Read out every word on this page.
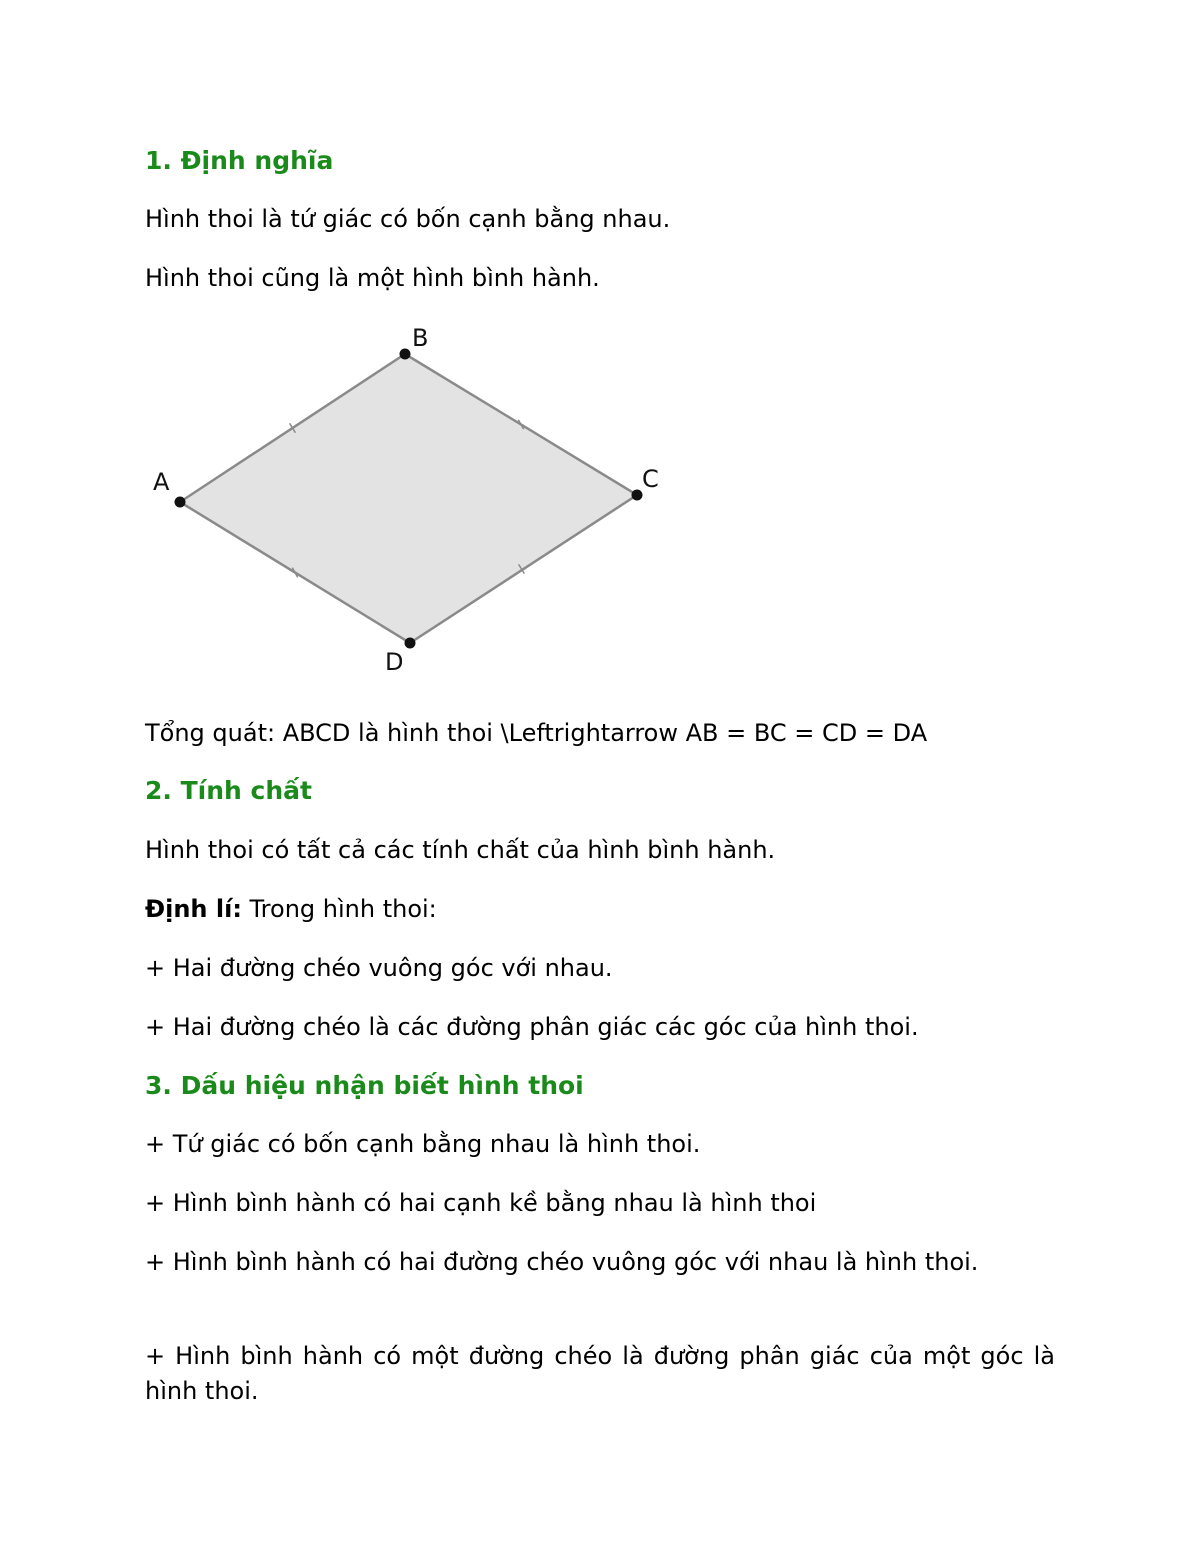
1. Định nghĩa
Hình thoi là tứ giác có bốn cạnh bằng nhau.
Hình thoi cũng là một hình bình hành.
Tổng quát: ABCD là hình thoi \Leftrightarrow AB = BC = CD = DA
2. Tính chất
Hình thoi có tất cả các tính chất của hình bình hành.
Định lí: Trong hình thoi:
+ Hai đường chéo vuông góc với nhau.
+ Hai đường chéo là các đường phân giác các góc của hình thoi.
3. Dấu hiệu nhận biết hình thoi
+ Tứ giác có bốn cạnh bằng nhau là hình thoi.
+ Hình bình hành có hai cạnh kề bằng nhau là hình thoi
+ Hình bình hành có hai đường chéo vuông góc với nhau là hình thoi.
+ Hình bình hành có một đường chéo là đường phân giác của một góc là hình thoi.
A
B
C
D
